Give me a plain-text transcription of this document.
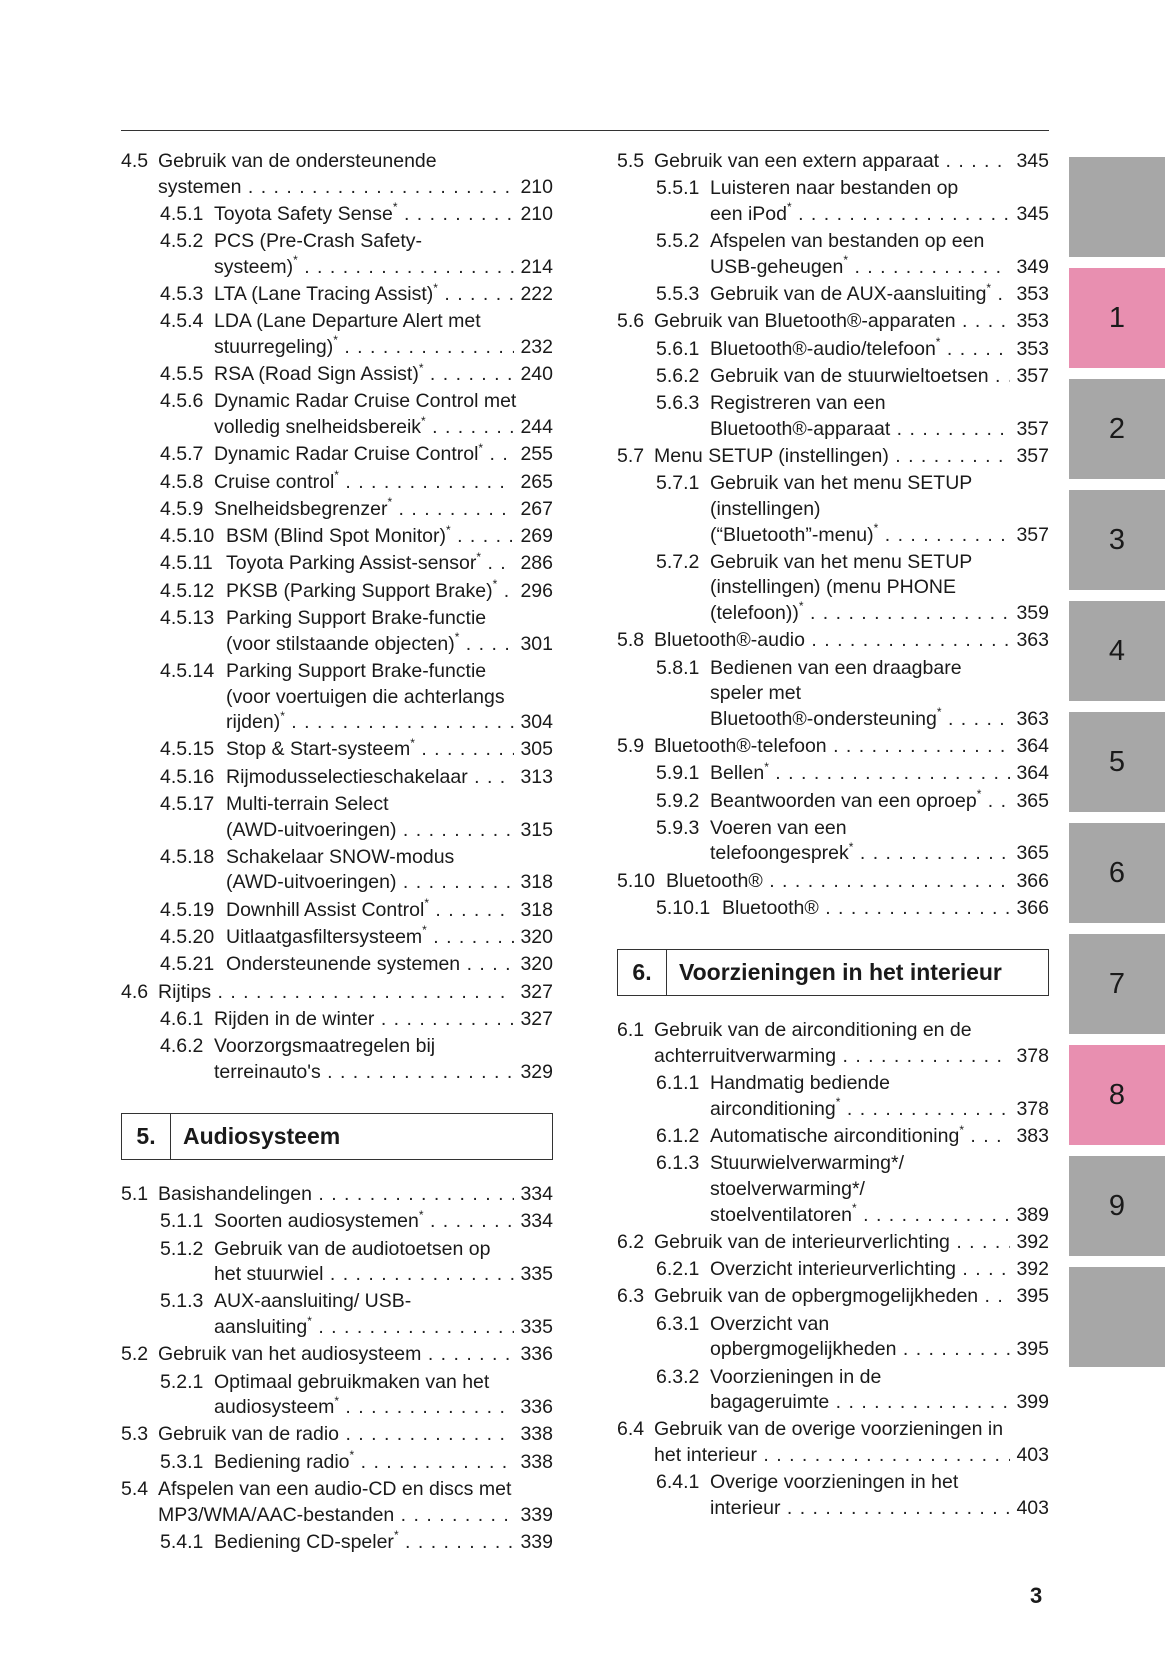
4.5 Gebruik van de ondersteunende
systemen . . .	210
4.5.1 Toyota Safety Sense* . . .	210
4.5.2 PCS (Pre-Crash Safety-
systeem)* . . .	214
4.5.3 LTA (Lane Tracing Assist)* . . .	222
4.5.4 LDA (Lane Departure Alert met
stuurregeling)* . . .	232
4.5.5 RSA (Road Sign Assist)* . . .	240
4.5.6 Dynamic Radar Cruise Control met
volledig snelheidsbereik* . . .	244
4.5.7 Dynamic Radar Cruise Control* . . .	255
4.5.8 Cruise control* . . .	265
4.5.9 Snelheidsbegrenzer* . . .	267
4.5.10 BSM (Blind Spot Monitor)* . . .	269
4.5.11 Toyota Parking Assist-sensor* . . .	286
4.5.12 PKSB (Parking Support Brake)* . . .	296
4.5.13 Parking Support Brake-functie
(voor stilstaande objecten)* . . .	301
4.5.14 Parking Support Brake-functie
(voor voertuigen die achterlangs
rijden)* . . .	304
4.5.15 Stop & Start-systeem* . . .	305
4.5.16 Rijmodusselectieschakelaar . . .	313
4.5.17 Multi-terrain Select
(AWD-uitvoeringen) . . .	315
4.5.18 Schakelaar SNOW-modus
(AWD-uitvoeringen) . . .	318
4.5.19 Downhill Assist Control* . . .	318
4.5.20 Uitlaatgasfiltersysteem* . . .	320
4.5.21 Ondersteunende systemen . . .	320
4.6 Rijtips . . .	327
4.6.1 Rijden in de winter . . .	327
4.6.2 Voorzorgsmaatregelen bij
terreinauto's . . .	329
5.	Audiosysteem
5.1 Basishandelingen . . .	334
5.1.1 Soorten audiosystemen* . . .	334
5.1.2 Gebruik van de audiotoetsen op
het stuurwiel . . .	335
5.1.3 AUX-aansluiting/ USB-
aansluiting* . . .	335
5.2 Gebruik van het audiosysteem . . .	336
5.2.1 Optimaal gebruikmaken van het
audiosysteem* . . .	336
5.3 Gebruik van de radio . . .	338
5.3.1 Bediening radio* . . .	338
5.4 Afspelen van een audio-CD en discs met
MP3/WMA/AAC-bestanden . . .	339
5.4.1 Bediening CD-speler* . . .	339
5.5 Gebruik van een extern apparaat . . .	345
5.5.1 Luisteren naar bestanden op
een iPod* . . .	345
5.5.2 Afspelen van bestanden op een
USB-geheugen* . . .	349
5.5.3 Gebruik van de AUX-aansluiting* . . .	353
5.6 Gebruik van Bluetooth®-apparaten . . .	353
5.6.1 Bluetooth®-audio/telefoon* . . .	353
5.6.2 Gebruik van de stuurwieltoetsen . . .	357
5.6.3 Registreren van een
Bluetooth®-apparaat . . .	357
5.7 Menu SETUP (instellingen) . . .	357
5.7.1 Gebruik van het menu SETUP
(instellingen)
(“Bluetooth”-menu)* . . .	357
5.7.2 Gebruik van het menu SETUP
(instellingen) (menu PHONE
(telefoon))* . . .	359
5.8 Bluetooth®-audio . . .	363
5.8.1 Bedienen van een draagbare
speler met
Bluetooth®-ondersteuning* . . .	363
5.9 Bluetooth®-telefoon . . .	364
5.9.1 Bellen* . . .	364
5.9.2 Beantwoorden van een oproep* . . .	365
5.9.3 Voeren van een
telefoongesprek* . . .	365
5.10 Bluetooth® . . .	366
5.10.1 Bluetooth® . . .	366
6.	Voorzieningen in het interieur
6.1 Gebruik van de airconditioning en de
achterruitverwarming . . .	378
6.1.1 Handmatig bediende
airconditioning* . . .	378
6.1.2 Automatische airconditioning* . . .	383
6.1.3 Stuurwielverwarming*/
stoelverwarming*/
stoelventilatoren* . . .	389
6.2 Gebruik van de interieurverlichting . . .	392
6.2.1 Overzicht interieurverlichting . . .	392
6.3 Gebruik van de opbergmogelijkheden . . .	395
6.3.1 Overzicht van
opbergmogelijkheden . . .	395
6.3.2 Voorzieningen in de
bagageruimte . . .	399
6.4 Gebruik van de overige voorzieningen in
het interieur . . .	403
6.4.1 Overige voorzieningen in het
interieur . . .	403
1
2
3
4
5
6
7
8
9
3
